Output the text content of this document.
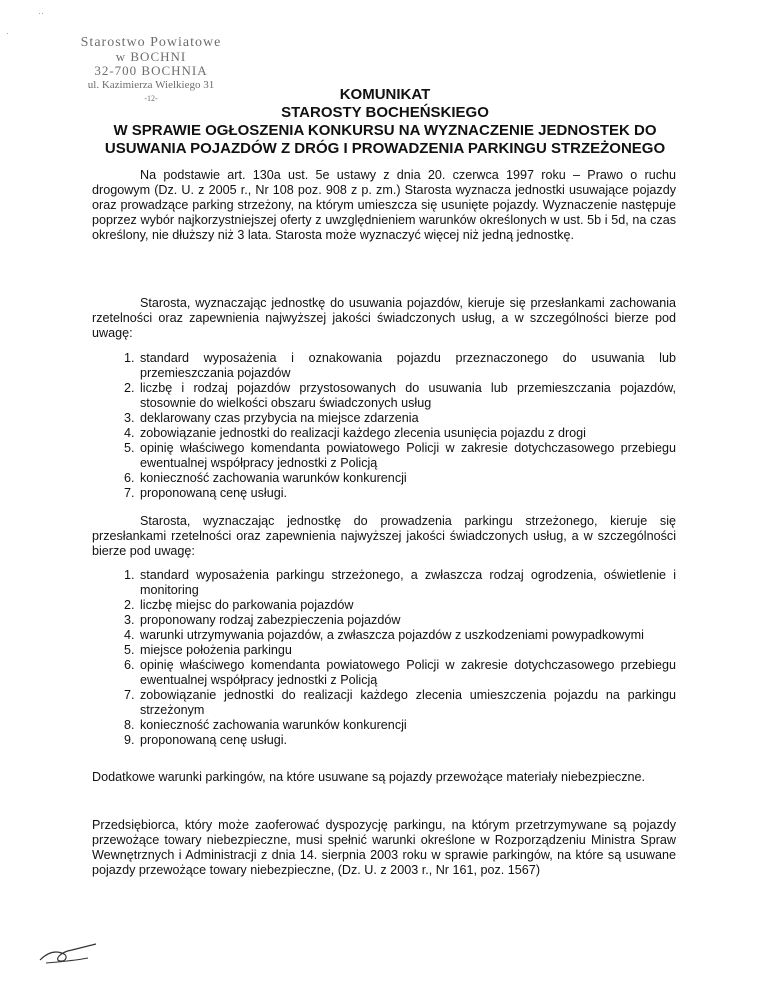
··
·
Starostwo Powiatowe
w BOCHNI
32-700 BOCHNIA
ul. Kazimierza Wielkiego 31
-12-	KOMUNIKAT
STAROSTY BOCHEŃSKIEGO
W SPRAWIE OGŁOSZENIA KONKURSU NA WYZNACZENIE JEDNOSTEK DO
USUWANIA POJAZDÓW Z DRÓG I PROWADZENIA PARKINGU STRZEŻONEGO

Na podstawie art. 130a ust. 5e ustawy z dnia 20. czerwca 1997 roku – Prawo o ruchu drogowym (Dz. U. z 2005 r., Nr 108 poz. 908 z p. zm.) Starosta wyznacza jednostki usuwające pojazdy oraz prowadzące parking strzeżony, na którym umieszcza się usunięte pojazdy. Wyznaczenie następuje poprzez wybór najkorzystniejszej oferty z uwzględnieniem warunków określonych w ust. 5b i 5d, na czas określony, nie dłuższy niż 3 lata. Starosta może wyznaczyć więcej niż jedną jednostkę.

Starosta, wyznaczając jednostkę do usuwania pojazdów, kieruje się przesłankami zachowania rzetelności oraz zapewnienia najwyższej jakości świadczonych usług, a w szczególności bierze pod uwagę:

1. standard wyposażenia i oznakowania pojazdu przeznaczonego do usuwania lub przemieszczania pojazdów
2. liczbę i rodzaj pojazdów przystosowanych do usuwania lub przemieszczania pojazdów, stosownie do wielkości obszaru świadczonych usług
3. deklarowany czas przybycia na miejsce zdarzenia
4. zobowiązanie jednostki do realizacji każdego zlecenia usunięcia pojazdu z drogi
5. opinię właściwego komendanta powiatowego Policji w zakresie dotychczasowego przebiegu ewentualnej współpracy jednostki z Policją
6. konieczność zachowania warunków konkurencji
7. proponowaną cenę usługi.

Starosta, wyznaczając jednostkę do prowadzenia parkingu strzeżonego, kieruje się przesłankami rzetelności oraz zapewnienia najwyższej jakości świadczonych usług, a w szczególności bierze pod uwagę:

1. standard wyposażenia parkingu strzeżonego, a zwłaszcza rodzaj ogrodzenia, oświetlenie i monitoring
2. liczbę miejsc do parkowania pojazdów
3. proponowany rodzaj zabezpieczenia pojazdów
4. warunki utrzymywania pojazdów, a zwłaszcza pojazdów z uszkodzeniami powypadkowymi
5. miejsce położenia parkingu
6. opinię właściwego komendanta powiatowego Policji w zakresie dotychczasowego przebiegu ewentualnej współpracy jednostki z Policją
7. zobowiązanie jednostki do realizacji każdego zlecenia umieszczenia pojazdu na parkingu strzeżonym
8. konieczność zachowania warunków konkurencji
9. proponowaną cenę usługi.

Dodatkowe warunki parkingów, na które usuwane są pojazdy przewożące materiały niebezpieczne.

Przedsiębiorca, który może zaoferować dyspozycję parkingu, na którym przetrzymywane są pojazdy przewożące towary niebezpieczne, musi spełnić warunki określone w Rozporządzeniu Ministra Spraw Wewnętrznych i Administracji z dnia 14. sierpnia 2003 roku w sprawie parkingów, na które są usuwane pojazdy przewożące towary niebezpieczne, (Dz. U. z 2003 r., Nr 161, poz. 1567)
